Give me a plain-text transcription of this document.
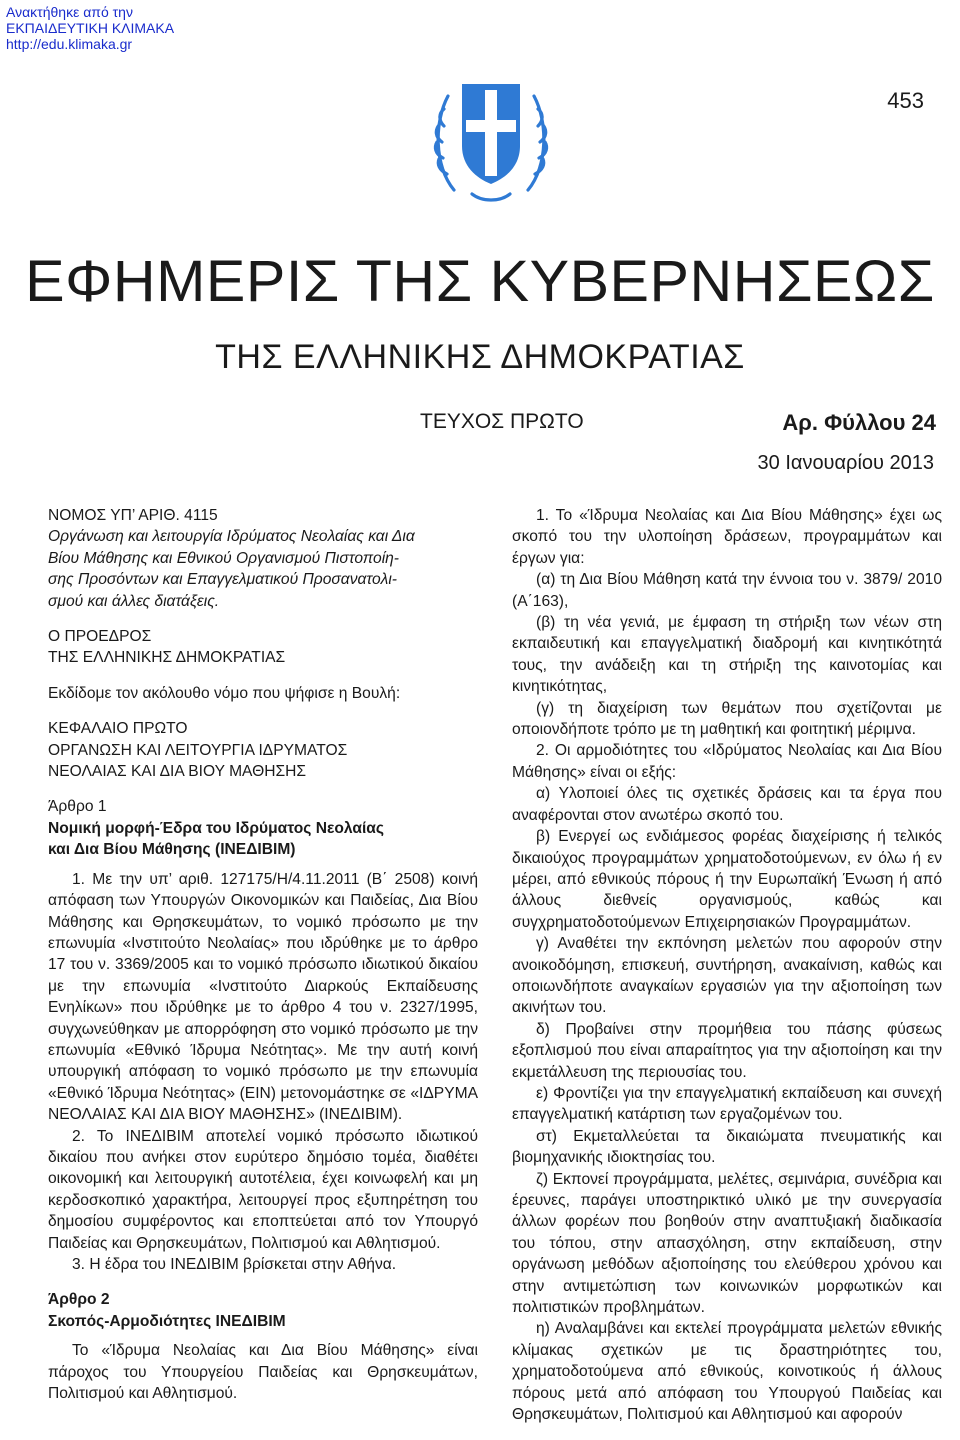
Ανακτήθηκε από την
ΕΚΠΑΙΔΕΥΤΙΚΗ ΚΛΙΜΑΚΑ
http://edu.klimaka.gr
453
ΕΦΗΜΕΡΙΣ ΤΗΣ ΚΥΒΕΡΝΗΣΕΩΣ
ΤΗΣ ΕΛΛΗΝΙΚΗΣ ΔΗΜΟΚΡΑΤΙΑΣ
ΤΕΥΧΟΣ ΠΡΩΤΟ	Αρ. Φύλλου 24
30 Ιανουαρίου 2013

ΝΟΜΟΣ ΥΠ’ ΑΡΙΘ. 4115

Οργάνωση και λειτουργία Ιδρύματος Νεολαίας και Δια

Βίου Μάθησης και Εθνικού Οργανισμού Πιστοποίη-

σης Προσόντων και Επαγγελματικού Προσανατολι-

σμού και άλλες διατάξεις.

Ο ΠΡΟΕΔΡΟΣ

ΤΗΣ ΕΛΛΗΝΙΚΗΣ ΔΗΜΟΚΡΑΤΙΑΣ

Εκδίδομε τον ακόλουθο νόμο που ψήφισε η Βουλή:

ΚΕΦΑΛΑΙΟ ΠΡΩΤΟ

ΟΡΓΑΝΩΣΗ ΚΑΙ ΛΕΙΤΟΥΡΓΙΑ ΙΔΡΥΜΑΤΟΣ

ΝΕΟΛΑΙΑΣ ΚΑΙ ΔΙΑ ΒΙΟΥ ΜΑΘΗΣΗΣ

Άρθρο 1

Νομική μορφή-Έδρα του Ιδρύματος Νεολαίας

και Δια Βίου Μάθησης (ΙΝΕΔΙΒΙΜ)

1. Με την υπ’ αριθ. 127175/Η/4.11.2011 (Β΄ 2508) κοινή απόφαση των Υπουργών Οικονομικών και Παιδείας, Δια Βίου Μάθησης και Θρησκευμάτων, το νομικό πρόσωπο με την επωνυμία «Ινστιτούτο Νεολαίας» που ιδρύθηκε με το άρθρο 17 του ν. 3369/2005 και το νομικό πρόσωπο ιδιωτικού δικαίου με την επωνυμία «Ινστιτούτο Διαρκούς Εκπαίδευσης Ενηλίκων» που ιδρύθηκε με το άρθρο 4 του ν. 2327/1995, συγχωνεύθηκαν με απορρόφηση στο νομικό πρόσωπο με την επωνυμία «Εθνικό Ίδρυμα Νεότητας». Με την αυτή κοινή υπουργική απόφαση το νομικό πρόσωπο με την επωνυμία «Εθνικό Ίδρυμα Νεότητας» (ΕΙΝ) μετονομάστηκε σε «ΙΔΡΥΜΑ ΝΕΟΛΑΙΑΣ ΚΑΙ ΔΙΑ ΒΙΟΥ ΜΑΘΗΣΗΣ» (ΙΝΕΔΙΒΙΜ).

2. Το ΙΝΕΔΙΒΙΜ αποτελεί νομικό πρόσωπο ιδιωτικού δικαίου που ανήκει στον ευρύτερο δημόσιο τομέα, διαθέτει οικονομική και λειτουργική αυτοτέλεια, έχει κοινωφελή και μη κερδοσκοπικό χαρακτήρα, λειτουργεί προς εξυπηρέτηση του δημοσίου συμφέροντος και εποπτεύεται από τον Υπουργό Παιδείας και Θρησκευμάτων, Πολιτισμού και Αθλητισμού.

3. Η έδρα του ΙΝΕΔΙΒΙΜ βρίσκεται στην Αθήνα.

Άρθρο 2

Σκοπός-Αρμοδιότητες ΙΝΕΔΙΒΙΜ

Το «Ίδρυμα Νεολαίας και Δια Βίου Μάθησης» είναι πάροχος του Υπουργείου Παιδείας και Θρησκευμάτων, Πολιτισμού και Αθλητισμού.

1. Το «Ίδρυμα Νεολαίας και Δια Βίου Μάθησης» έχει ως σκοπό του την υλοποίηση δράσεων, προγραμμάτων και έργων για:

(α) τη Δια Βίου Μάθηση κατά την έννοια του ν. 3879/ 2010 (Α΄163),

(β) τη νέα γενιά, με έμφαση τη στήριξη των νέων στη εκπαιδευτική και επαγγελματική διαδρομή και κινητικότητά τους, την ανάδειξη και τη στήριξη της καινοτομίας και κινητικότητας,

(γ) τη διαχείριση των θεμάτων που σχετίζονται με οποιονδήποτε τρόπο με τη μαθητική και φοιτητική μέριμνα.

2. Οι αρμοδιότητες του «Ιδρύματος Νεολαίας και Δια Βίου Μάθησης» είναι οι εξής:

α) Υλοποιεί όλες τις σχετικές δράσεις και τα έργα που αναφέρονται στον ανωτέρω σκοπό του.

β) Ενεργεί ως ενδιάμεσος φορέας διαχείρισης ή τελικός δικαιούχος προγραμμάτων χρηματοδοτούμενων, εν όλω ή εν μέρει, από εθνικούς πόρους ή την Ευρωπαϊκή Ένωση ή από άλλους διεθνείς οργανισμούς, καθώς και συγχρηματοδοτούμενων Επιχειρησιακών Προγραμμάτων.

γ) Αναθέτει την εκπόνηση μελετών που αφορούν στην ανοικοδόμηση, επισκευή, συντήρηση, ανακαίνιση, καθώς και οποιωνδήποτε αναγκαίων εργασιών για την αξιοποίηση των ακινήτων του.

δ) Προβαίνει στην προμήθεια του πάσης φύσεως εξοπλισμού που είναι απαραίτητος για την αξιοποίηση και την εκμετάλλευση της περιουσίας του.

ε) Φροντίζει για την επαγγελματική εκπαίδευση και συνεχή επαγγελματική κατάρτιση των εργαζομένων του.

στ) Εκμεταλλεύεται τα δικαιώματα πνευματικής και βιομηχανικής ιδιοκτησίας του.

ζ) Εκπονεί προγράμματα, μελέτες, σεμινάρια, συνέδρια και έρευνες, παράγει υποστηρικτικό υλικό με την συνεργασία άλλων φορέων που βοηθούν στην αναπτυξιακή διαδικασία του τόπου, στην απασχόληση, στην εκπαίδευση, στην οργάνωση μεθόδων αξιοποίησης του ελεύθερου χρόνου και στην αντιμετώπιση των κοινωνικών μορφωτικών και πολιτιστικών προβλημάτων.

η) Αναλαμβάνει και εκτελεί προγράμματα μελετών εθνικής κλίμακας σχετικών με τις δραστηριότητες του, χρηματοδοτούμενα από εθνικούς, κοινοτικούς ή άλλους πόρους μετά από απόφαση του Υπουργού Παιδείας και Θρησκευμάτων, Πολιτισμού και Αθλητισμού και αφορούν
